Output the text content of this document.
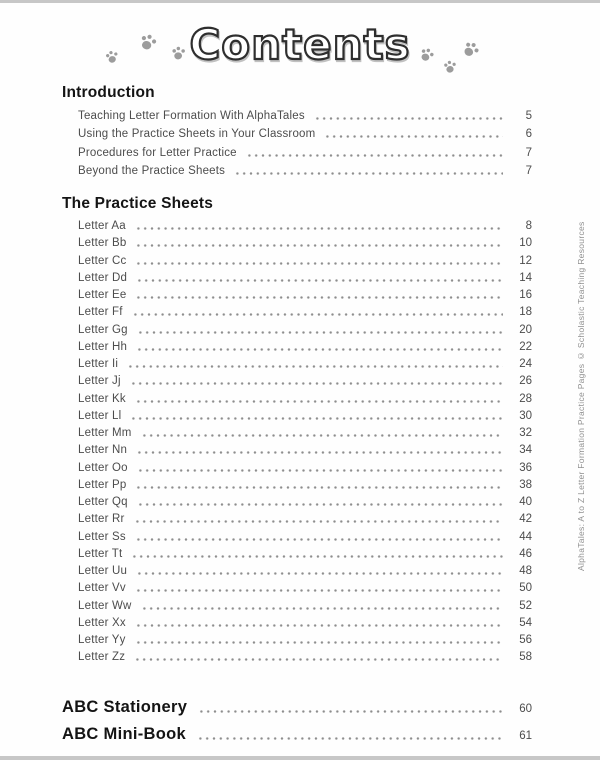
Contents
Introduction
Teaching Letter Formation With AlphaTales	5
Using the Practice Sheets in Your Classroom	6
Procedures for Letter Practice	7
Beyond the Practice Sheets	7
The Practice Sheets
Letter Aa	8
Letter Bb	10
Letter Cc	12
Letter Dd	14
Letter Ee	16
Letter Ff	18
Letter Gg	20
Letter Hh	22
Letter Ii	24
Letter Jj	26
Letter Kk	28
Letter Ll	30
Letter Mm	32
Letter Nn	34
Letter Oo	36
Letter Pp	38
Letter Qq	40
Letter Rr	42
Letter Ss	44
Letter Tt	46
Letter Uu	48
Letter Vv	50
Letter Ww	52
Letter Xx	54
Letter Yy	56
Letter Zz	58
ABC Stationery	60
ABC Mini-Book	61
AlphaTales: A to Z Letter Formation Practice Pages © Scholastic Teaching Resources
